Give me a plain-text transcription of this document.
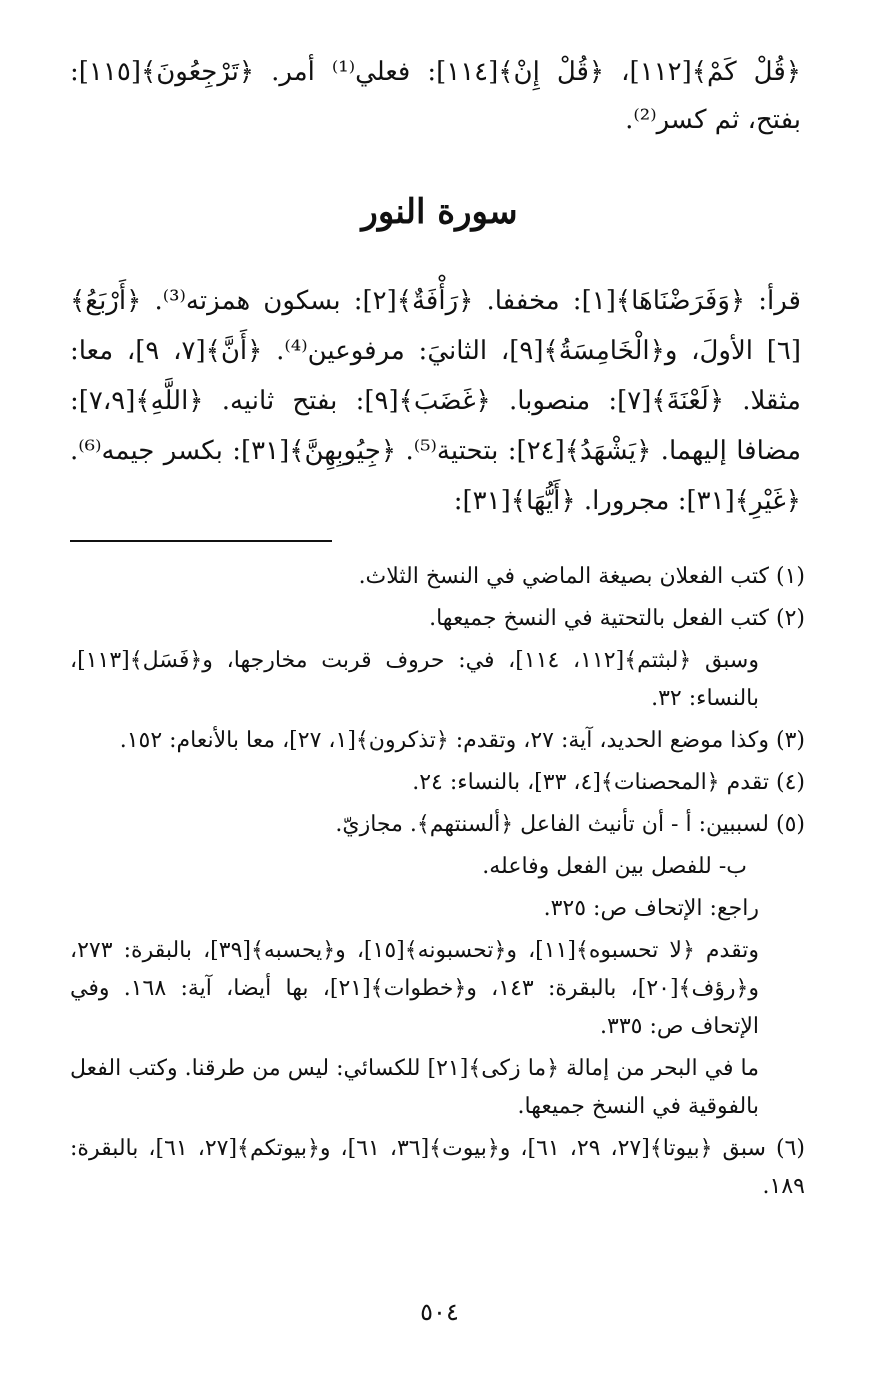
﴿قُلْ كَمْ﴾[١١٢]، ﴿قُلْ إِنْ﴾[١١٤]: فعلي⁽¹⁾ أمر. ﴿تَرْجِعُونَ﴾[١١٥]: بفتح، ثم كسر⁽²⁾.

سورة النور

قرأ: ﴿وَفَرَضْنَاهَا﴾[١]: مخففا. ﴿رَأْفَةٌ﴾[٢]: بسكون همزته⁽³⁾. ﴿أَرْبَعُ﴾[٦] الأولَ، و﴿الْخَامِسَةُ﴾[٩]، الثانيَ: مرفوعين⁽⁴⁾. ﴿أَنَّ﴾[٧، ٩]، معا: مثقلا. ﴿لَعْنَةَ﴾[٧]: منصوبا. ﴿غَضَبَ﴾[٩]: بفتح ثانيه. ﴿اللَّهِ﴾[٧،٩]: مضافا إليهما. ﴿يَشْهَدُ﴾[٢٤]: بتحتية⁽⁵⁾. ﴿جِيُوبِهِنَّ﴾[٣١]: بكسر جيمه⁽⁶⁾. ﴿غَيْرِ﴾[٣١]: مجرورا. ﴿أَيُّهَا﴾[٣١]:

(١) كتب الفعلان بصيغة الماضي في النسخ الثلاث.

(٢) كتب الفعل بالتحتية في النسخ جميعها.

وسبق ﴿لبثتم﴾[١١٢، ١١٤]، في: حروف قربت مخارجها، و﴿فَسَل﴾[١١٣]، بالنساء: ٣٢.

(٣) وكذا موضع الحديد، آية: ٢٧، وتقدم: ﴿تذكرون﴾[١، ٢٧]، معا بالأنعام: ١٥٢.

(٤) تقدم ﴿المحصنات﴾[٤، ٣٣]، بالنساء: ٢٤.

(٥) لسببين: أ - أن تأنيث الفاعل ﴿ألسنتهم﴾. مجازيّ.

ب- للفصل بين الفعل وفاعله.

راجع: الإتحاف ص: ٣٢٥.

وتقدم ﴿لا تحسبوه﴾[١١]، و﴿تحسبونه﴾[١٥]، و﴿يحسبه﴾[٣٩]، بالبقرة: ٢٧٣، و﴿رؤف﴾[٢٠]، بالبقرة: ١٤٣، و﴿خطوات﴾[٢١]، بها أيضا، آية: ١٦٨. وفي الإتحاف ص: ٣٣٥.

ما في البحر من إمالة ﴿ما زكى﴾[٢١] للكسائي: ليس من طرقنا. وكتب الفعل بالفوقية في النسخ جميعها.

(٦) سبق ﴿بيوتا﴾[٢٧، ٢٩، ٦١]، و﴿بيوت﴾[٣٦، ٦١]، و﴿بيوتكم﴾[٢٧، ٦١]، بالبقرة: ١٨٩.

٥٠٤
